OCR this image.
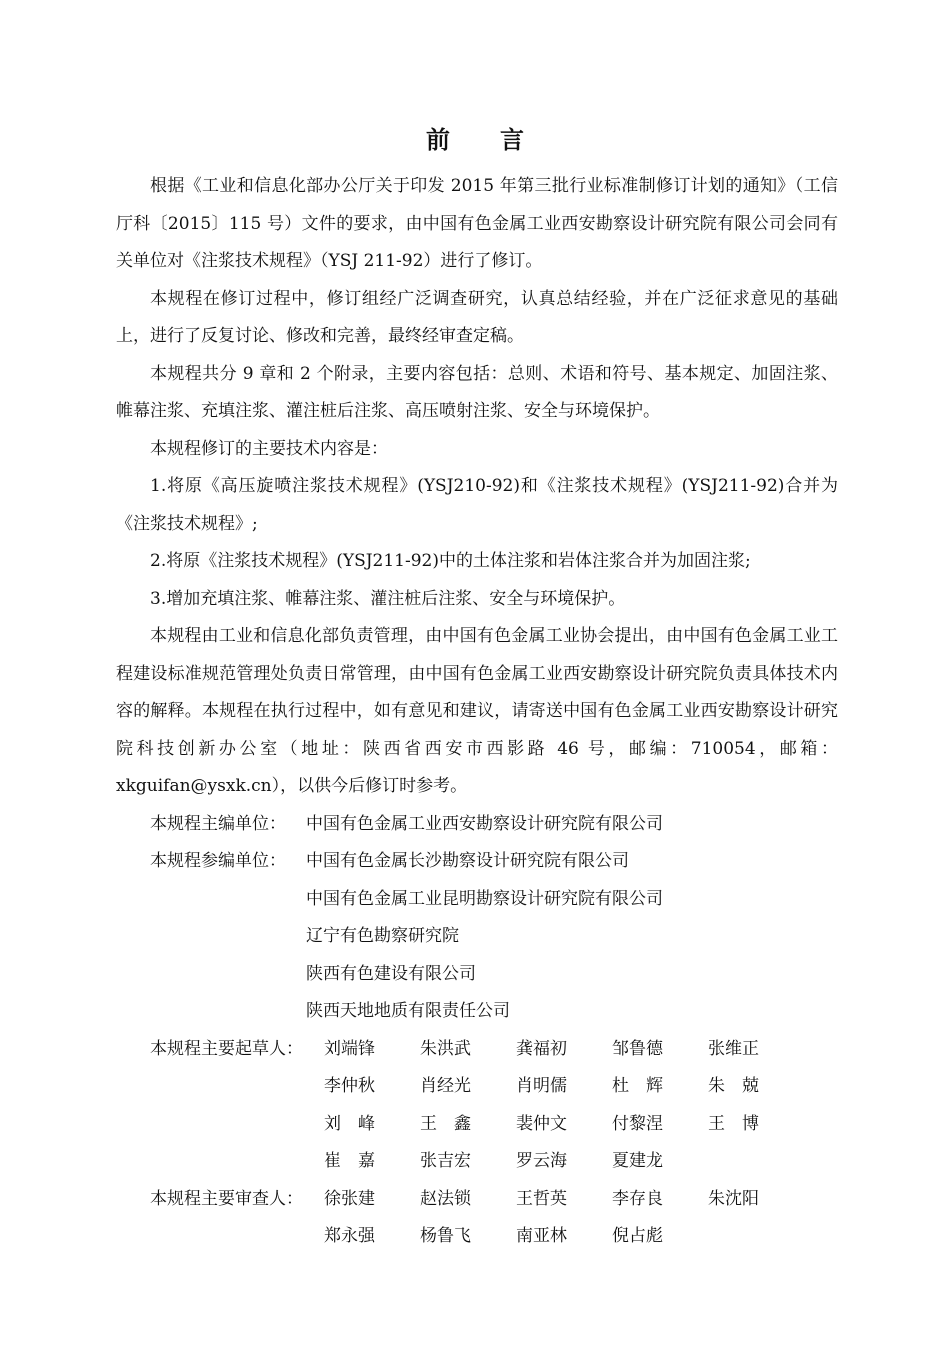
前 言

根据《工业和信息化部办公厅关于印发 2015 年第三批行业标准制修订计划的通知》（工信厅科〔2015〕115 号）文件的要求，由中国有色金属工业西安勘察设计研究院有限公司会同有关单位对《注浆技术规程》（YSJ 211-92）进行了修订。

本规程在修订过程中，修订组经广泛调查研究，认真总结经验，并在广泛征求意见的基础上，进行了反复讨论、修改和完善，最终经审查定稿。

本规程共分 9 章和 2 个附录，主要内容包括：总则、术语和符号、基本规定、加固注浆、帷幕注浆、充填注浆、灌注桩后注浆、高压喷射注浆、安全与环境保护。

本规程修订的主要技术内容是：

1.将原《高压旋喷注浆技术规程》(YSJ210-92)和《注浆技术规程》(YSJ211-92)合并为《注浆技术规程》;

2.将原《注浆技术规程》(YSJ211-92)中的土体注浆和岩体注浆合并为加固注浆;

3.增加充填注浆、帷幕注浆、灌注桩后注浆、安全与环境保护。

本规程由工业和信息化部负责管理，由中国有色金属工业协会提出，由中国有色金属工业工程建设标准规范管理处负责日常管理，由中国有色金属工业西安勘察设计研究院负责具体技术内容的解释。本规程在执行过程中，如有意见和建议，请寄送中国有色金属工业西安勘察设计研究院科技创新办公室（地址：陕西省西安市西影路 46 号，邮编：710054，邮箱：xkguifan@ysxk.cn），以供今后修订时参考。

本规程主编单位： 中国有色金属工业西安勘察设计研究院有限公司
本规程参编单位： 中国有色金属长沙勘察设计研究院有限公司
中国有色金属工业昆明勘察设计研究院有限公司
辽宁有色勘察研究院
陕西有色建设有限公司
陕西天地地质有限责任公司
本规程主要起草人： 刘端锋	朱洪武	龚福初	邹鲁德	张维正
李仲秋	肖经光	肖明儒	杜　辉	朱　兢
刘　峰	王　鑫	裴仲文	付黎涅	王　博
崔　嘉	张吉宏	罗云海	夏建龙
本规程主要审查人： 徐张建	赵法锁	王哲英	李存良	朱沈阳
郑永强	杨鲁飞	南亚林	倪占彪
